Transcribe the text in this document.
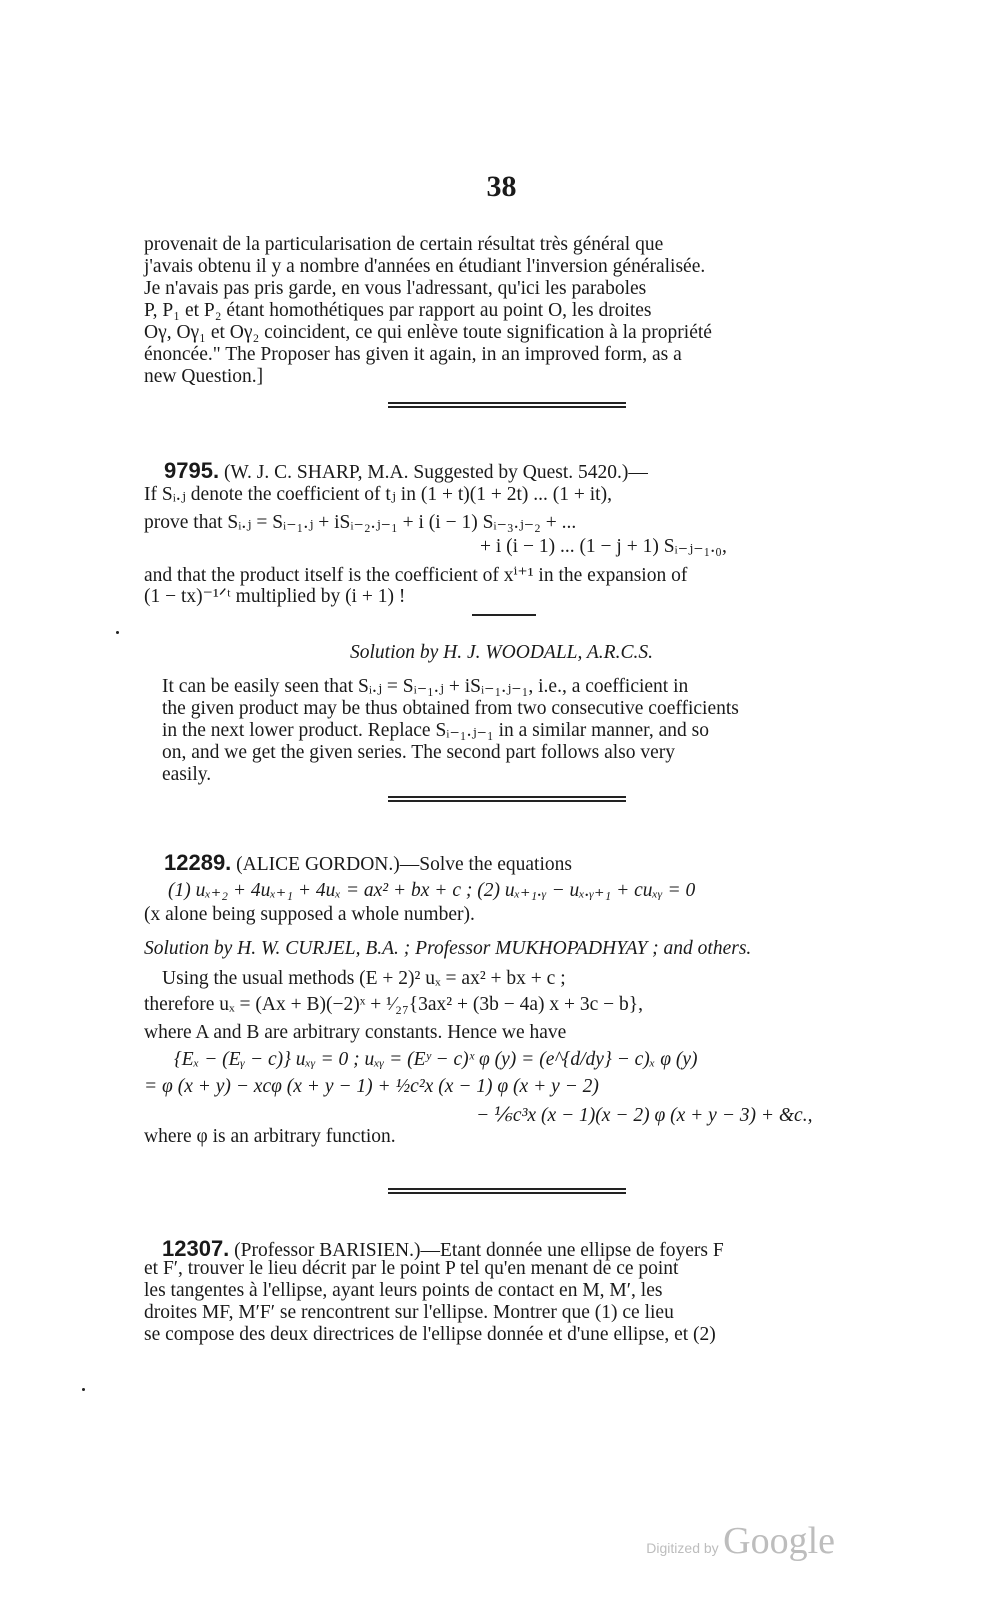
38

provenait de la particularisation de certain résultat très général que

j'avais obtenu il y a nombre d'années en étudiant l'inversion généralisée.

Je n'avais pas pris garde, en vous l'adressant, qu'ici les paraboles

P, P₁ et P₂ étant homothétiques par rapport au point O, les droites

Oγ, Oγ₁ et Oγ₂ coincident, ce qui enlève toute signification à la propriété

énoncée." The Proposer has given it again, in an improved form, as a

new Question.]

9795. (W. J. C. SHARP, M.A. Suggested by Quest. 5420.)—
If Sᵢ.ⱼ denote the coefficient of tⱼ in (1 + t)(1 + 2t) ... (1 + it),
prove that Sᵢ.ⱼ = Sᵢ₋₁.ⱼ + iSᵢ₋₂.ⱼ₋₁ + i (i − 1) Sᵢ₋₃.ⱼ₋₂ + ...
+ i (i − 1) ... (1 − j + 1) Sᵢ₋ⱼ₋₁.₀,
and that the product itself is the coefficient of xⁱ⁺¹ in the expansion of
(1 − tx)⁻¹ᐟᵗ multiplied by (i + 1) !
Solution by H. J. WOODALL, A.R.C.S.

It can be easily seen that Sᵢ.ⱼ = Sᵢ₋₁.ⱼ + iSᵢ₋₁.ⱼ₋₁, i.e., a coefficient in

the given product may be thus obtained from two consecutive coefficients

in the next lower product. Replace Sᵢ₋₁.ⱼ₋₁ in a similar manner, and so

on, and we get the given series. The second part follows also very

easily.

12289. (ALICE GORDON.)—Solve the equations
(1) uₓ₊₂ + 4uₓ₊₁ + 4uₓ = ax² + bx + c ; (2) uₓ₊₁.ᵧ − uₓ.ᵧ₊₁ + cuₓᵧ = 0
(x alone being supposed a whole number).
Solution by H. W. CURJEL, B.A. ; Professor MUKHOPADHYAY ; and others.
Using the usual methods (E + 2)² uₓ = ax² + bx + c ;
therefore uₓ = (Ax + B)(−2)ˣ + ¹⁄₂₇{3ax² + (3b − 4a) x + 3c − b},
where A and B are arbitrary constants. Hence we have
{Eₓ − (Eᵧ − c)} uₓᵧ = 0 ; uₓᵧ = (Eʸ − c)ˣ φ (y) = (e^{d/dy} − c)ₓ φ (y)
= φ (x + y) − xcφ (x + y − 1) + ½c²x (x − 1) φ (x + y − 2)
− ⅙c³x (x − 1)(x − 2) φ (x + y − 3) + &c.,
where φ is an arbitrary function.
12307. (Professor BARISIEN.)—Etant donnée une ellipse de foyers F

et F′, trouver le lieu décrit par le point P tel qu'en menant de ce point

les tangentes à l'ellipse, ayant leurs points de contact en M, M′, les

droites MF, M′F′ se rencontrent sur l'ellipse. Montrer que (1) ce lieu

se compose des deux directrices de l'ellipse donnée et d'une ellipse, et (2)

Digitized by Google
